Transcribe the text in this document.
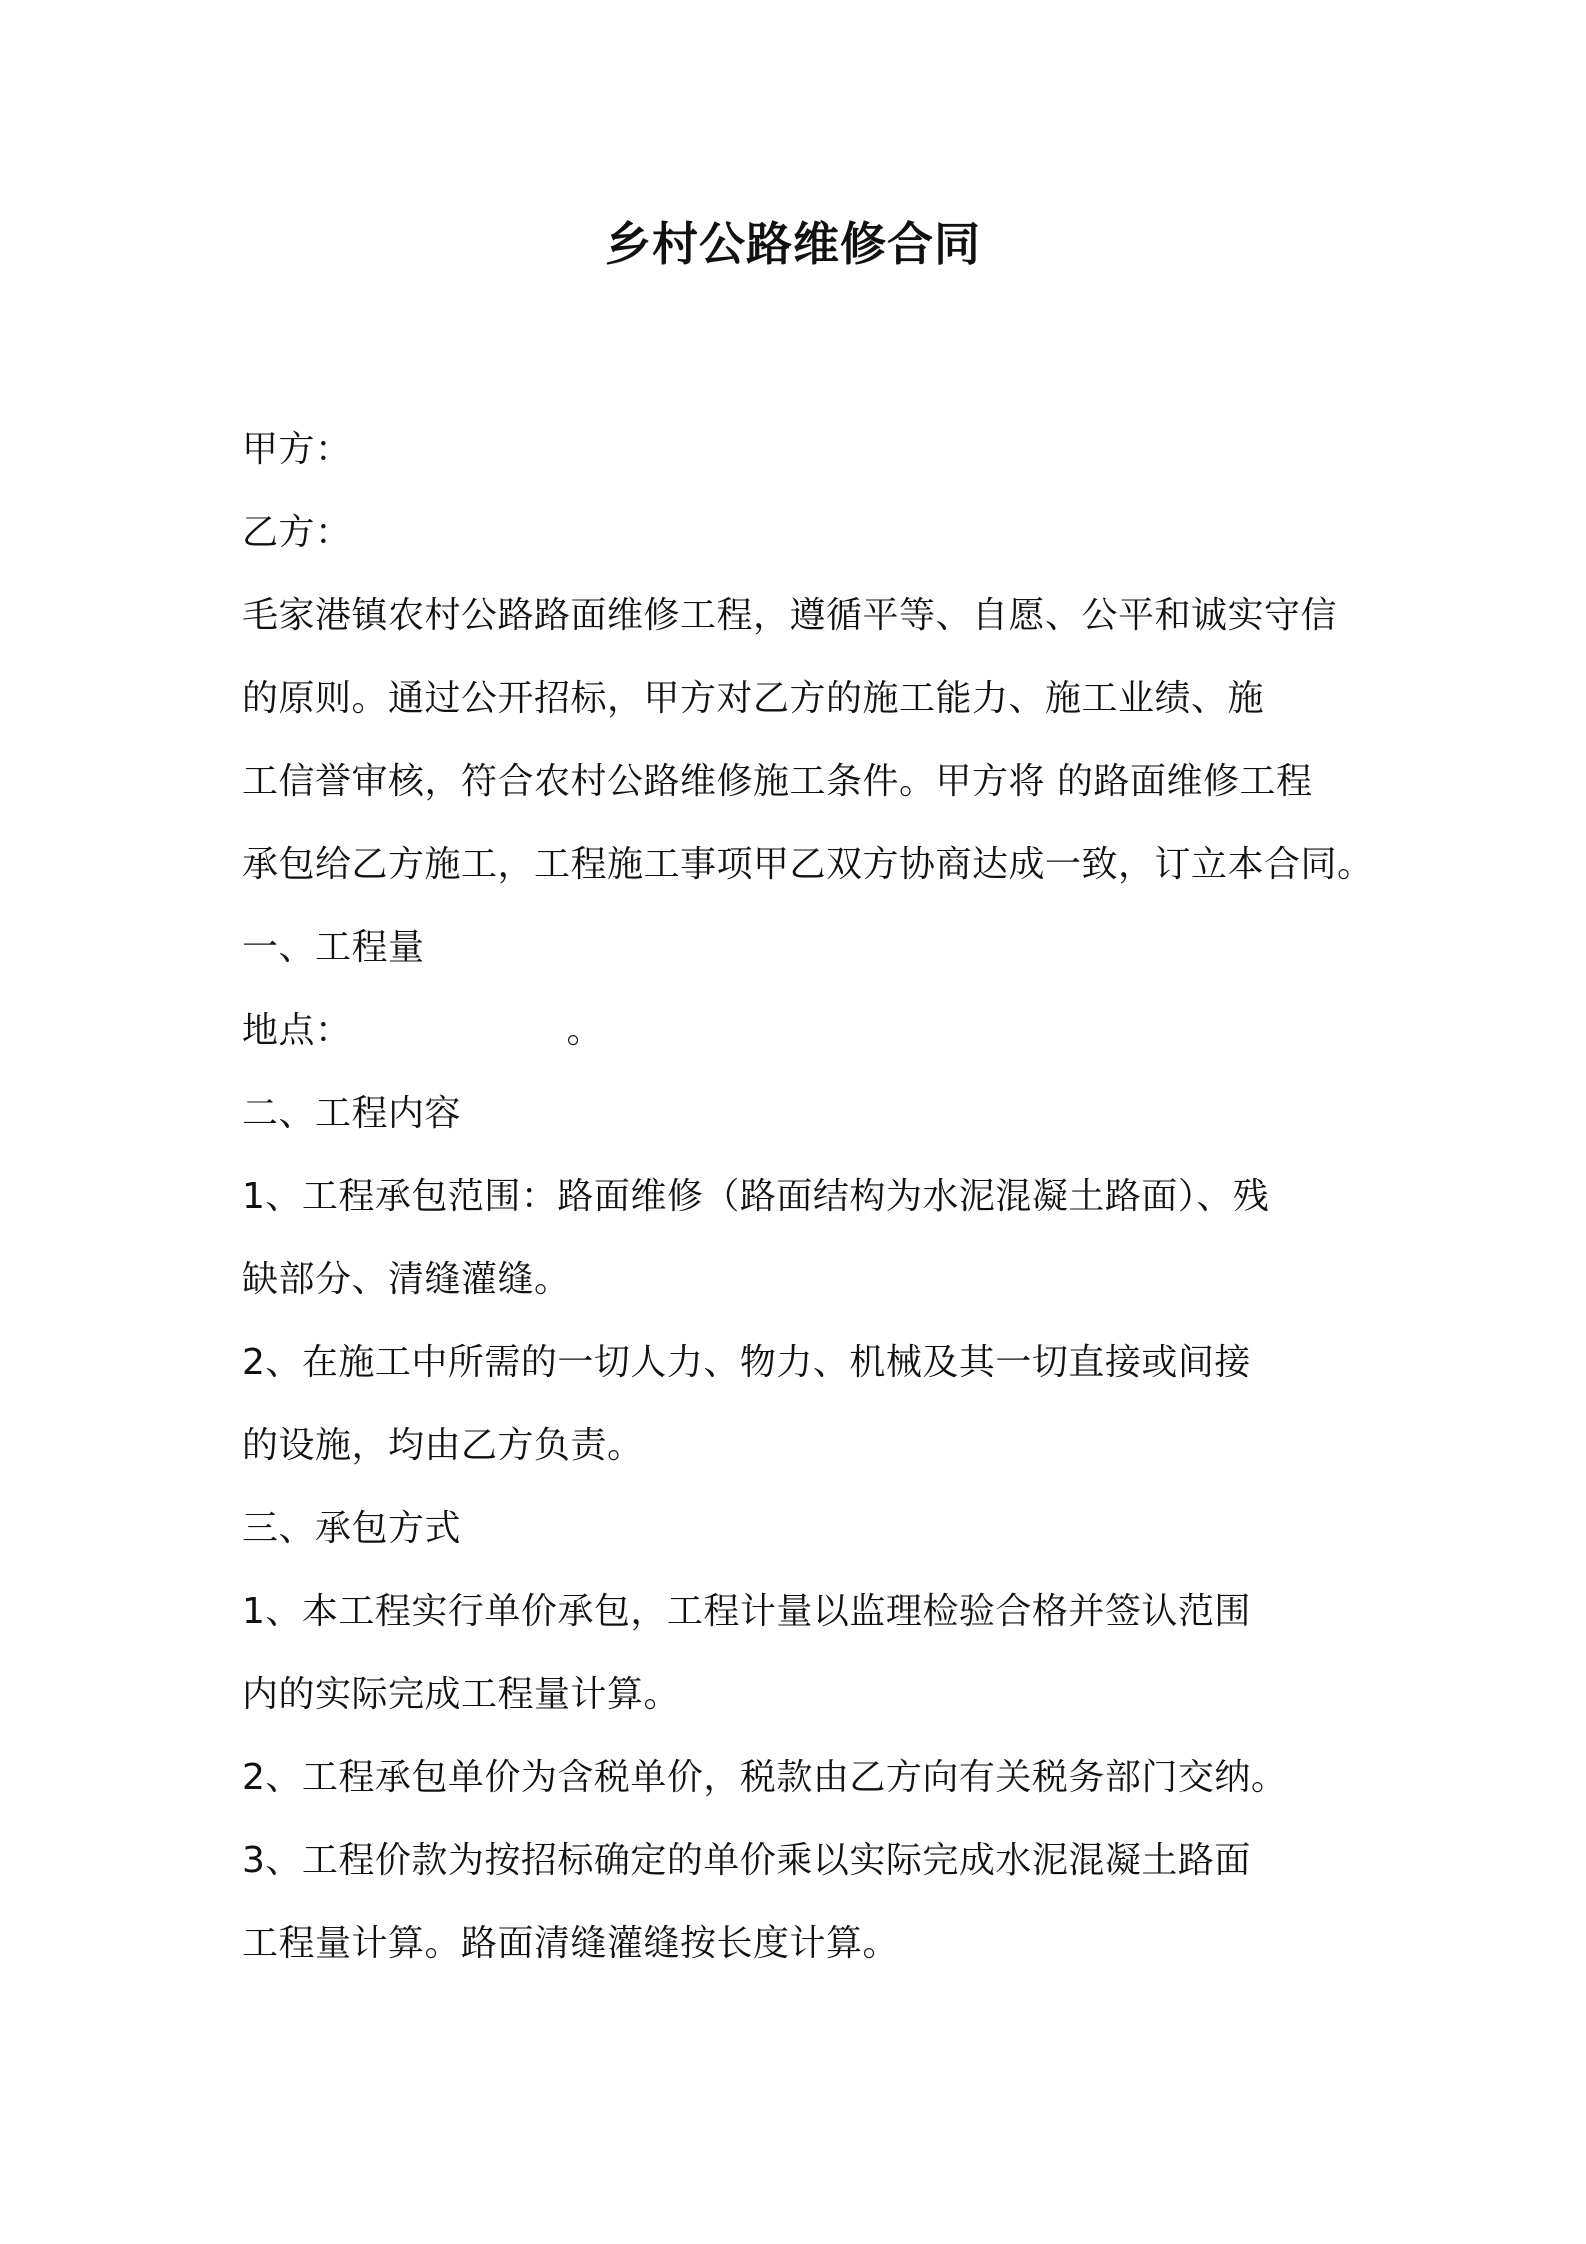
乡村公路维修合同
甲方：
乙方：
毛家港镇农村公路路面维修工程，遵循平等、自愿、公平和诚实守信
的原则。通过公开招标，甲方对乙方的施工能力、施工业绩、施
工信誉审核，符合农村公路维修施工条件。甲方将 的路面维修工程
承包给乙方施工，工程施工事项甲乙双方协商达成一致，订立本合同。
一、工程量
地点：                  。
二、工程内容
1、工程承包范围：路面维修（路面结构为水泥混凝土路面）、残
缺部分、清缝灌缝。
2、在施工中所需的一切人力、物力、机械及其一切直接或间接
的设施，均由乙方负责。
三、承包方式
1、本工程实行单价承包，工程计量以监理检验合格并签认范围
内的实际完成工程量计算。
2、工程承包单价为含税单价，税款由乙方向有关税务部门交纳。
3、工程价款为按招标确定的单价乘以实际完成水泥混凝土路面
工程量计算。路面清缝灌缝按长度计算。
